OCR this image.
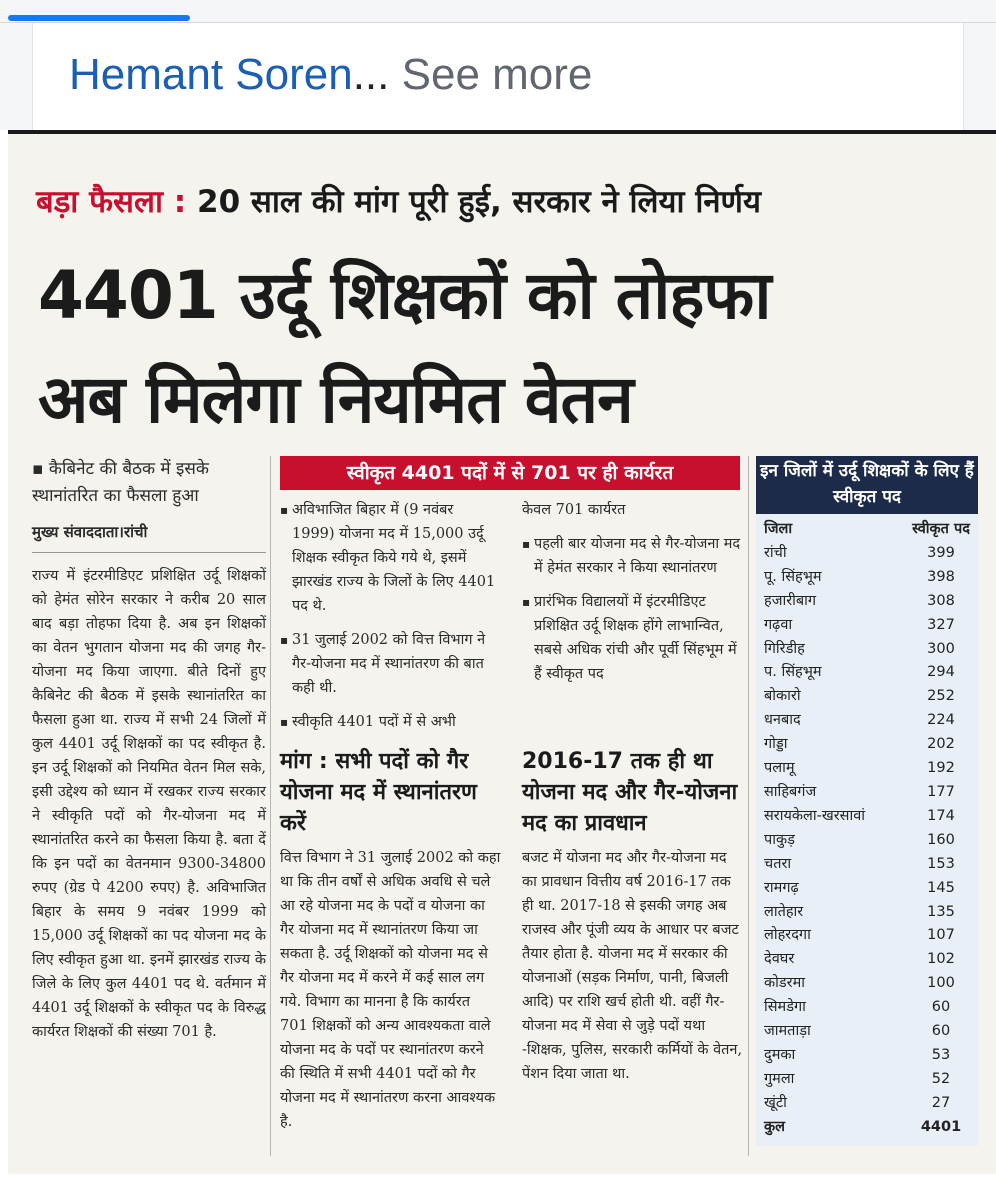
Hemant Soren... See more
बड़ा फैसला : 20 साल की मांग पूरी हुई, सरकार ने लिया निर्णय
4401 उर्दू शिक्षकों को तोहफा
अब मिलेगा नियमित वेतन
▪ कैबिनेट की बैठक में इसके स्थानांतरित का फैसला हुआ
मुख्य संवाददाता।रांची
राज्य में इंटरमीडिएट प्रशिक्षित उर्दू शिक्षकों को हेमंत सोरेन सरकार ने करीब 20 साल बाद बड़ा तोहफा दिया है. अब इन शिक्षकों का वेतन भुगतान योजना मद की जगह गैर-योजना मद किया जाएगा. बीते दिनों हुए कैबिनेट की बैठक में इसके स्थानांतरित का फैसला हुआ था. राज्य में सभी 24 जिलों में कुल 4401 उर्दू शिक्षकों का पद स्वीकृत है. इन उर्दू शिक्षकों को नियमित वेतन मिल सके, इसी उद्देश्य को ध्यान में रखकर राज्य सरकार ने स्वीकृति पदों को गैर-योजना मद में स्थानांतरित करने का फैसला किया है. बता दें कि इन पदों का वेतनमान 9300-34800 रुपए (ग्रेड पे 4200 रुपए) है. अविभाजित बिहार के समय 9 नवंबर 1999 को 15,000 उर्दू शिक्षकों का पद योजना मद के लिए स्वीकृत हुआ था. इनमें झारखंड राज्य के जिले के लिए कुल 4401 पद थे. वर्तमान में 4401 उर्दू शिक्षकों के स्वीकृत पद के विरुद्ध कार्यरत शिक्षकों की संख्या 701 है.
स्वीकृत 4401 पदों में से 701 पर ही कार्यरत
▪ अविभाजित बिहार में (9 नवंबर 1999) योजना मद में 15,000 उर्दू शिक्षक स्वीकृत किये गये थे, इसमें झारखंड राज्य के जिलों के लिए 4401 पद थे.
▪ 31 जुलाई 2002 को वित्त विभाग ने गैर-योजना मद में स्थानांतरण की बात कही थी.
▪ स्वीकृति 4401 पदों में से अभी

केवल 701 कार्यरत

▪ पहली बार योजना मद से गैर-योजना मद में हेमंत सरकार ने किया स्थानांतरण
▪ प्रारंभिक विद्यालयों में इंटरमीडिएट प्रशिक्षित उर्दू शिक्षक होंगे लाभान्वित, सबसे अधिक रांची और पूर्वी सिंहभूम में हैं स्वीकृत पद
मांग : सभी पदों को गैर योजना मद में स्थानांतरण करें
वित्त विभाग ने 31 जुलाई 2002 को कहा था कि तीन वर्षों से अधिक अवधि से चले आ रहे योजना मद के पदों व योजना का गैर योजना मद में स्थानांतरण किया जा सकता है. उर्दू शिक्षकों को योजना मद से गैर योजना मद में करने में कई साल लग गये. विभाग का मानना है कि कार्यरत 701 शिक्षकों को अन्य आवश्यकता वाले योजना मद के पदों पर स्थानांतरण करने की स्थिति में सभी 4401 पदों को गैर योजना मद में स्थानांतरण करना आवश्यक है.
2016-17 तक ही था योजना मद और गैर-योजना मद का प्रावधान
बजट में योजना मद और गैर-योजना मद का प्रावधान वित्तीय वर्ष 2016-17 तक ही था. 2017-18 से इसकी जगह अब राजस्व और पूंजी व्यय के आधार पर बजट तैयार होता है. योजना मद में सरकार की योजनाओं (सड़क निर्माण, पानी, बिजली आदि) पर राशि खर्च होती थी. वहीं गैर-योजना मद में सेवा से जुड़े पदों यथा -शिक्षक, पुलिस, सरकारी कर्मियों के वेतन, पेंशन दिया जाता था.
इन जिलों में उर्दू शिक्षकों के लिए हैं स्वीकृत पद
जिला	स्वीकृत पद
रांची	399
पू. सिंहभूम	398
हजारीबाग	308
गढ़वा	327
गिरिडीह	300
प. सिंहभूम	294
बोकारो	252
धनबाद	224
गोड्डा	202
पलामू	192
साहिबगंज	177
सरायकेला-खरसावां	174
पाकुड़	160
चतरा	153
रामगढ़	145
लातेहार	135
लोहरदगा	107
देवघर	102
कोडरमा	100
सिमडेगा	60
जामताड़ा	60
दुमका	53
गुमला	52
खूंटी	27
कुल	4401
